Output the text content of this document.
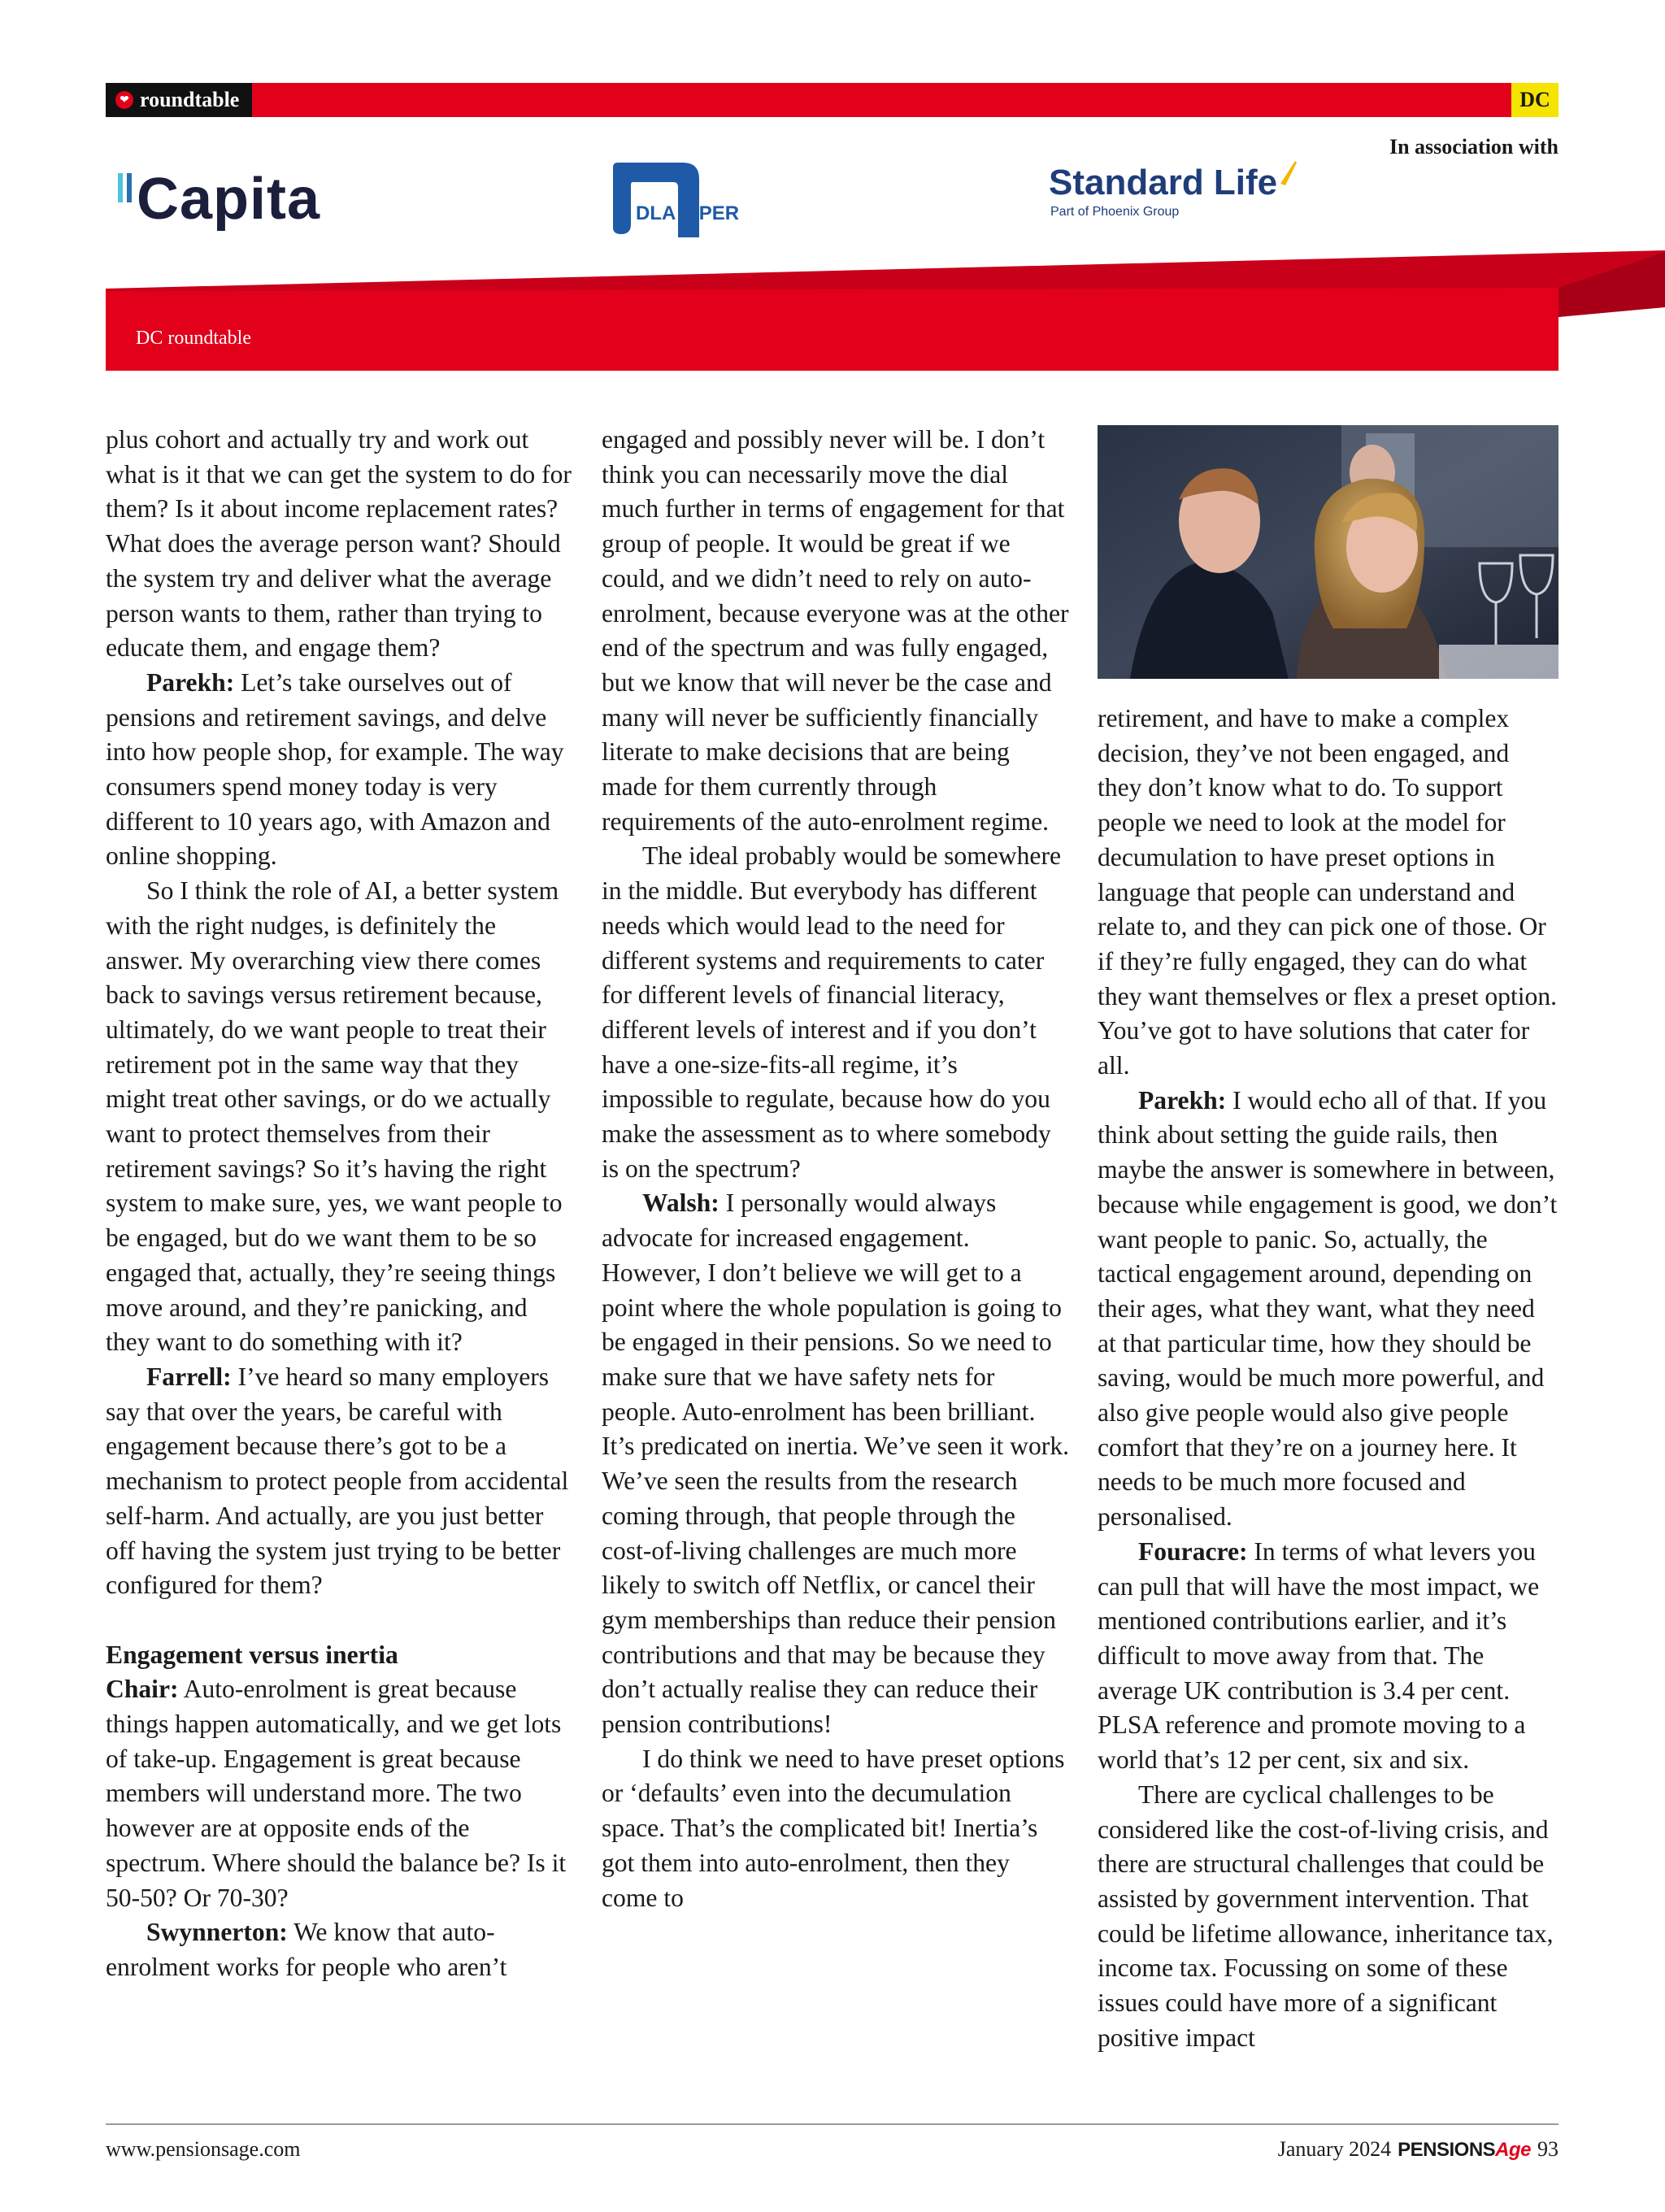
❤ roundtable	DC
In association with
Capita	DLA PIPER
Standard Life
Part of Phoenix Group
DC roundtable

plus cohort and actually try and work out what is it that we can get the system to do for them? Is it about income replacement rates? What does the average person want? Should the system try and deliver what the average person wants to them, rather than trying to educate them, and engage them?

Parekh: Let’s take ourselves out of pensions and retirement savings, and delve into how people shop, for example. The way consumers spend money today is very different to 10 years ago, with Amazon and online shopping.

So I think the role of AI, a better system with the right nudges, is definitely the answer. My overarching view there comes back to savings versus retirement because, ultimately, do we want people to treat their retirement pot in the same way that they might treat other savings, or do we actually want to protect themselves from their retirement savings? So it’s having the right system to make sure, yes, we want people to be engaged, but do we want them to be so engaged that, actually, they’re seeing things move around, and they’re panicking, and they want to do something with it?

Farrell: I’ve heard so many employers say that over the years, be careful with engagement because there’s got to be a mechanism to protect people from accidental self-harm. And actually, are you just better off having the system just trying to be better configured for them?

Engagement versus inertia

Chair: Auto-enrolment is great because things happen automatically, and we get lots of take-up. Engagement is great because members will understand more. The two however are at opposite ends of the spectrum. Where should the balance be? Is it 50-50? Or 70-30?

Swynnerton: We know that auto-enrolment works for people who aren’t

engaged and possibly never will be. I don’t think you can necessarily move the dial much further in terms of engagement for that group of people. It would be great if we could, and we didn’t need to rely on auto-enrolment, because everyone was at the other end of the spectrum and was fully engaged, but we know that will never be the case and many will never be sufficiently financially literate to make decisions that are being made for them currently through requirements of the auto-enrolment regime.

The ideal probably would be somewhere in the middle. But everybody has different needs which would lead to the need for different systems and requirements to cater for different levels of financial literacy, different levels of interest and if you don’t have a one-size-fits-all regime, it’s impossible to regulate, because how do you make the assessment as to where somebody is on the spectrum?

Walsh: I personally would always advocate for increased engagement. However, I don’t believe we will get to a point where the whole population is going to be engaged in their pensions. So we need to make sure that we have safety nets for people. Auto-enrolment has been brilliant. It’s predicated on inertia. We’ve seen it work. We’ve seen the results from the research coming through, that people through the cost-of-living challenges are much more likely to switch off Netflix, or cancel their gym memberships than reduce their pension contributions and that may be because they don’t actually realise they can reduce their pension contributions!

I do think we need to have preset options or ‘defaults’ even into the decumulation space. That’s the complicated bit! Inertia’s got them into auto-enrolment, then they come to

retirement, and have to make a complex decision, they’ve not been engaged, and they don’t know what to do. To support people we need to look at the model for decumulation to have preset options in language that people can understand and relate to, and they can pick one of those. Or if they’re fully engaged, they can do what they want themselves or flex a preset option. You’ve got to have solutions that cater for all.

Parekh: I would echo all of that. If you think about setting the guide rails, then maybe the answer is somewhere in between, because while engagement is good, we don’t want people to panic. So, actually, the tactical engagement around, depending on their ages, what they want, what they need at that particular time, how they should be saving, would be much more powerful, and also give people would also give people comfort that they’re on a journey here. It needs to be much more focused and personalised.

Fouracre: In terms of what levers you can pull that will have the most impact, we mentioned contributions earlier, and it’s difficult to move away from that. The average UK contribution is 3.4 per cent. PLSA reference and promote moving to a world that’s 12 per cent, six and six.

There are cyclical challenges to be considered like the cost-of-living crisis, and there are structural challenges that could be assisted by government intervention. That could be lifetime allowance, inheritance tax, income tax. Focussing on some of these issues could have more of a significant positive impact

www.pensionsage.com	January 2024 PENSIONSAge 93
